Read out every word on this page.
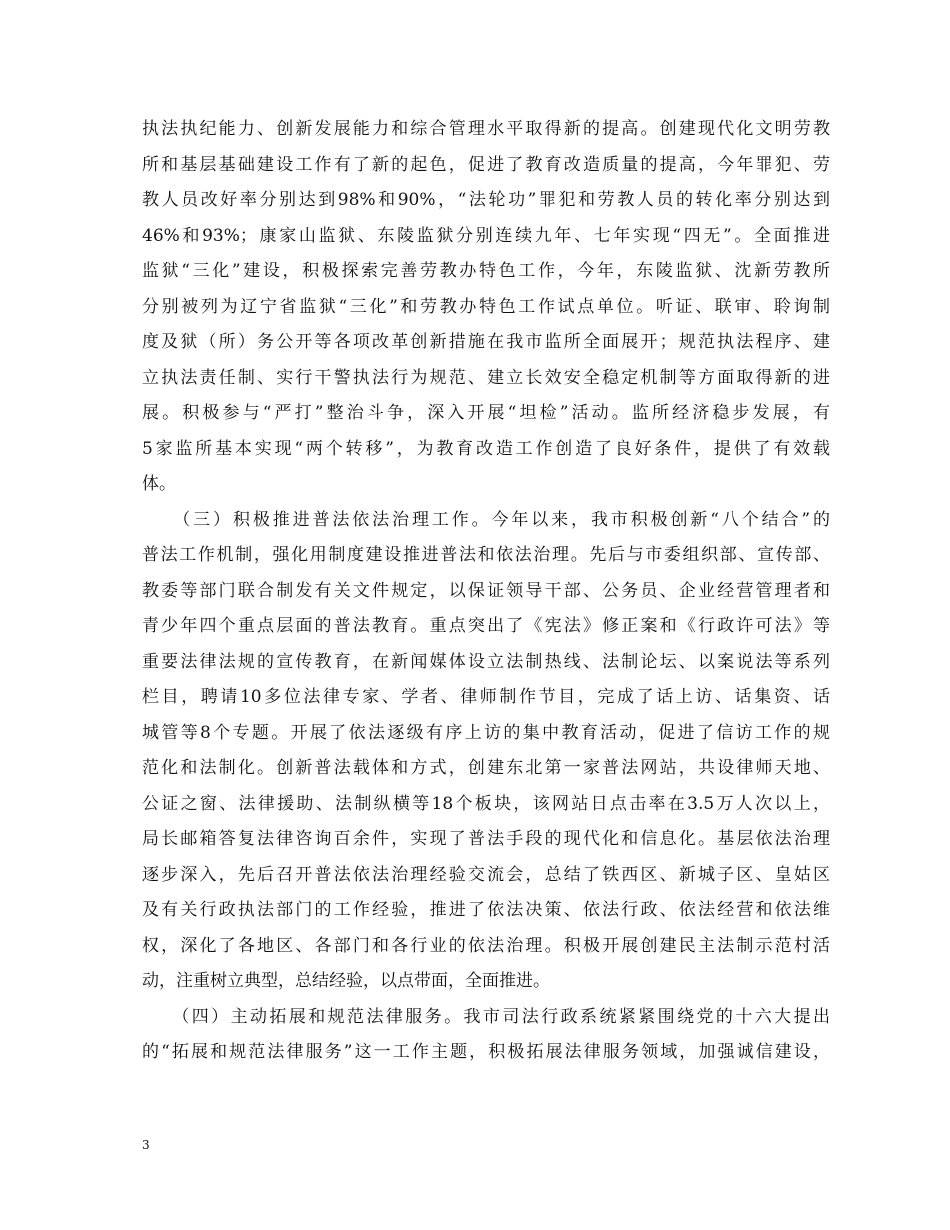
执法执纪能力、创新发展能力和综合管理水平取得新的提高。创建现代化文明劳教
所和基层基础建设工作有了新的起色，促进了教育改造质量的提高，今年罪犯、劳
教人员改好率分别达到98%和90%，“法轮功”罪犯和劳教人员的转化率分别达到
46%和93%；康家山监狱、东陵监狱分别连续九年、七年实现“四无”。全面推进
监狱“三化”建设，积极探索完善劳教办特色工作，今年，东陵监狱、沈新劳教所
分别被列为辽宁省监狱“三化”和劳教办特色工作试点单位。听证、联审、聆询制
度及狱（所）务公开等各项改革创新措施在我市监所全面展开；规范执法程序、建
立执法责任制、实行干警执法行为规范、建立长效安全稳定机制等方面取得新的进
展。积极参与“严打”整治斗争，深入开展“坦检”活动。监所经济稳步发展，有
5家监所基本实现“两个转移”，为教育改造工作创造了良好条件，提供了有效载
体。
　　（三）积极推进普法依法治理工作。今年以来，我市积极创新“八个结合”的
普法工作机制，强化用制度建设推进普法和依法治理。先后与市委组织部、宣传部、
教委等部门联合制发有关文件规定，以保证领导干部、公务员、企业经营管理者和
青少年四个重点层面的普法教育。重点突出了《宪法》修正案和《行政许可法》等
重要法律法规的宣传教育，在新闻媒体设立法制热线、法制论坛、以案说法等系列
栏目，聘请10多位法律专家、学者、律师制作节目，完成了话上访、话集资、话
城管等8个专题。开展了依法逐级有序上访的集中教育活动，促进了信访工作的规
范化和法制化。创新普法载体和方式，创建东北第一家普法网站，共设律师天地、
公证之窗、法律援助、法制纵横等18个板块，该网站日点击率在3.5万人次以上，
局长邮箱答复法律咨询百余件，实现了普法手段的现代化和信息化。基层依法治理
逐步深入，先后召开普法依法治理经验交流会，总结了铁西区、新城子区、皇姑区
及有关行政执法部门的工作经验，推进了依法决策、依法行政、依法经营和依法维
权，深化了各地区、各部门和各行业的依法治理。积极开展创建民主法制示范村活
动，注重树立典型，总结经验，以点带面，全面推进。
　　（四）主动拓展和规范法律服务。我市司法行政系统紧紧围绕党的十六大提出
的“拓展和规范法律服务”这一工作主题，积极拓展法律服务领域，加强诚信建设，
3
